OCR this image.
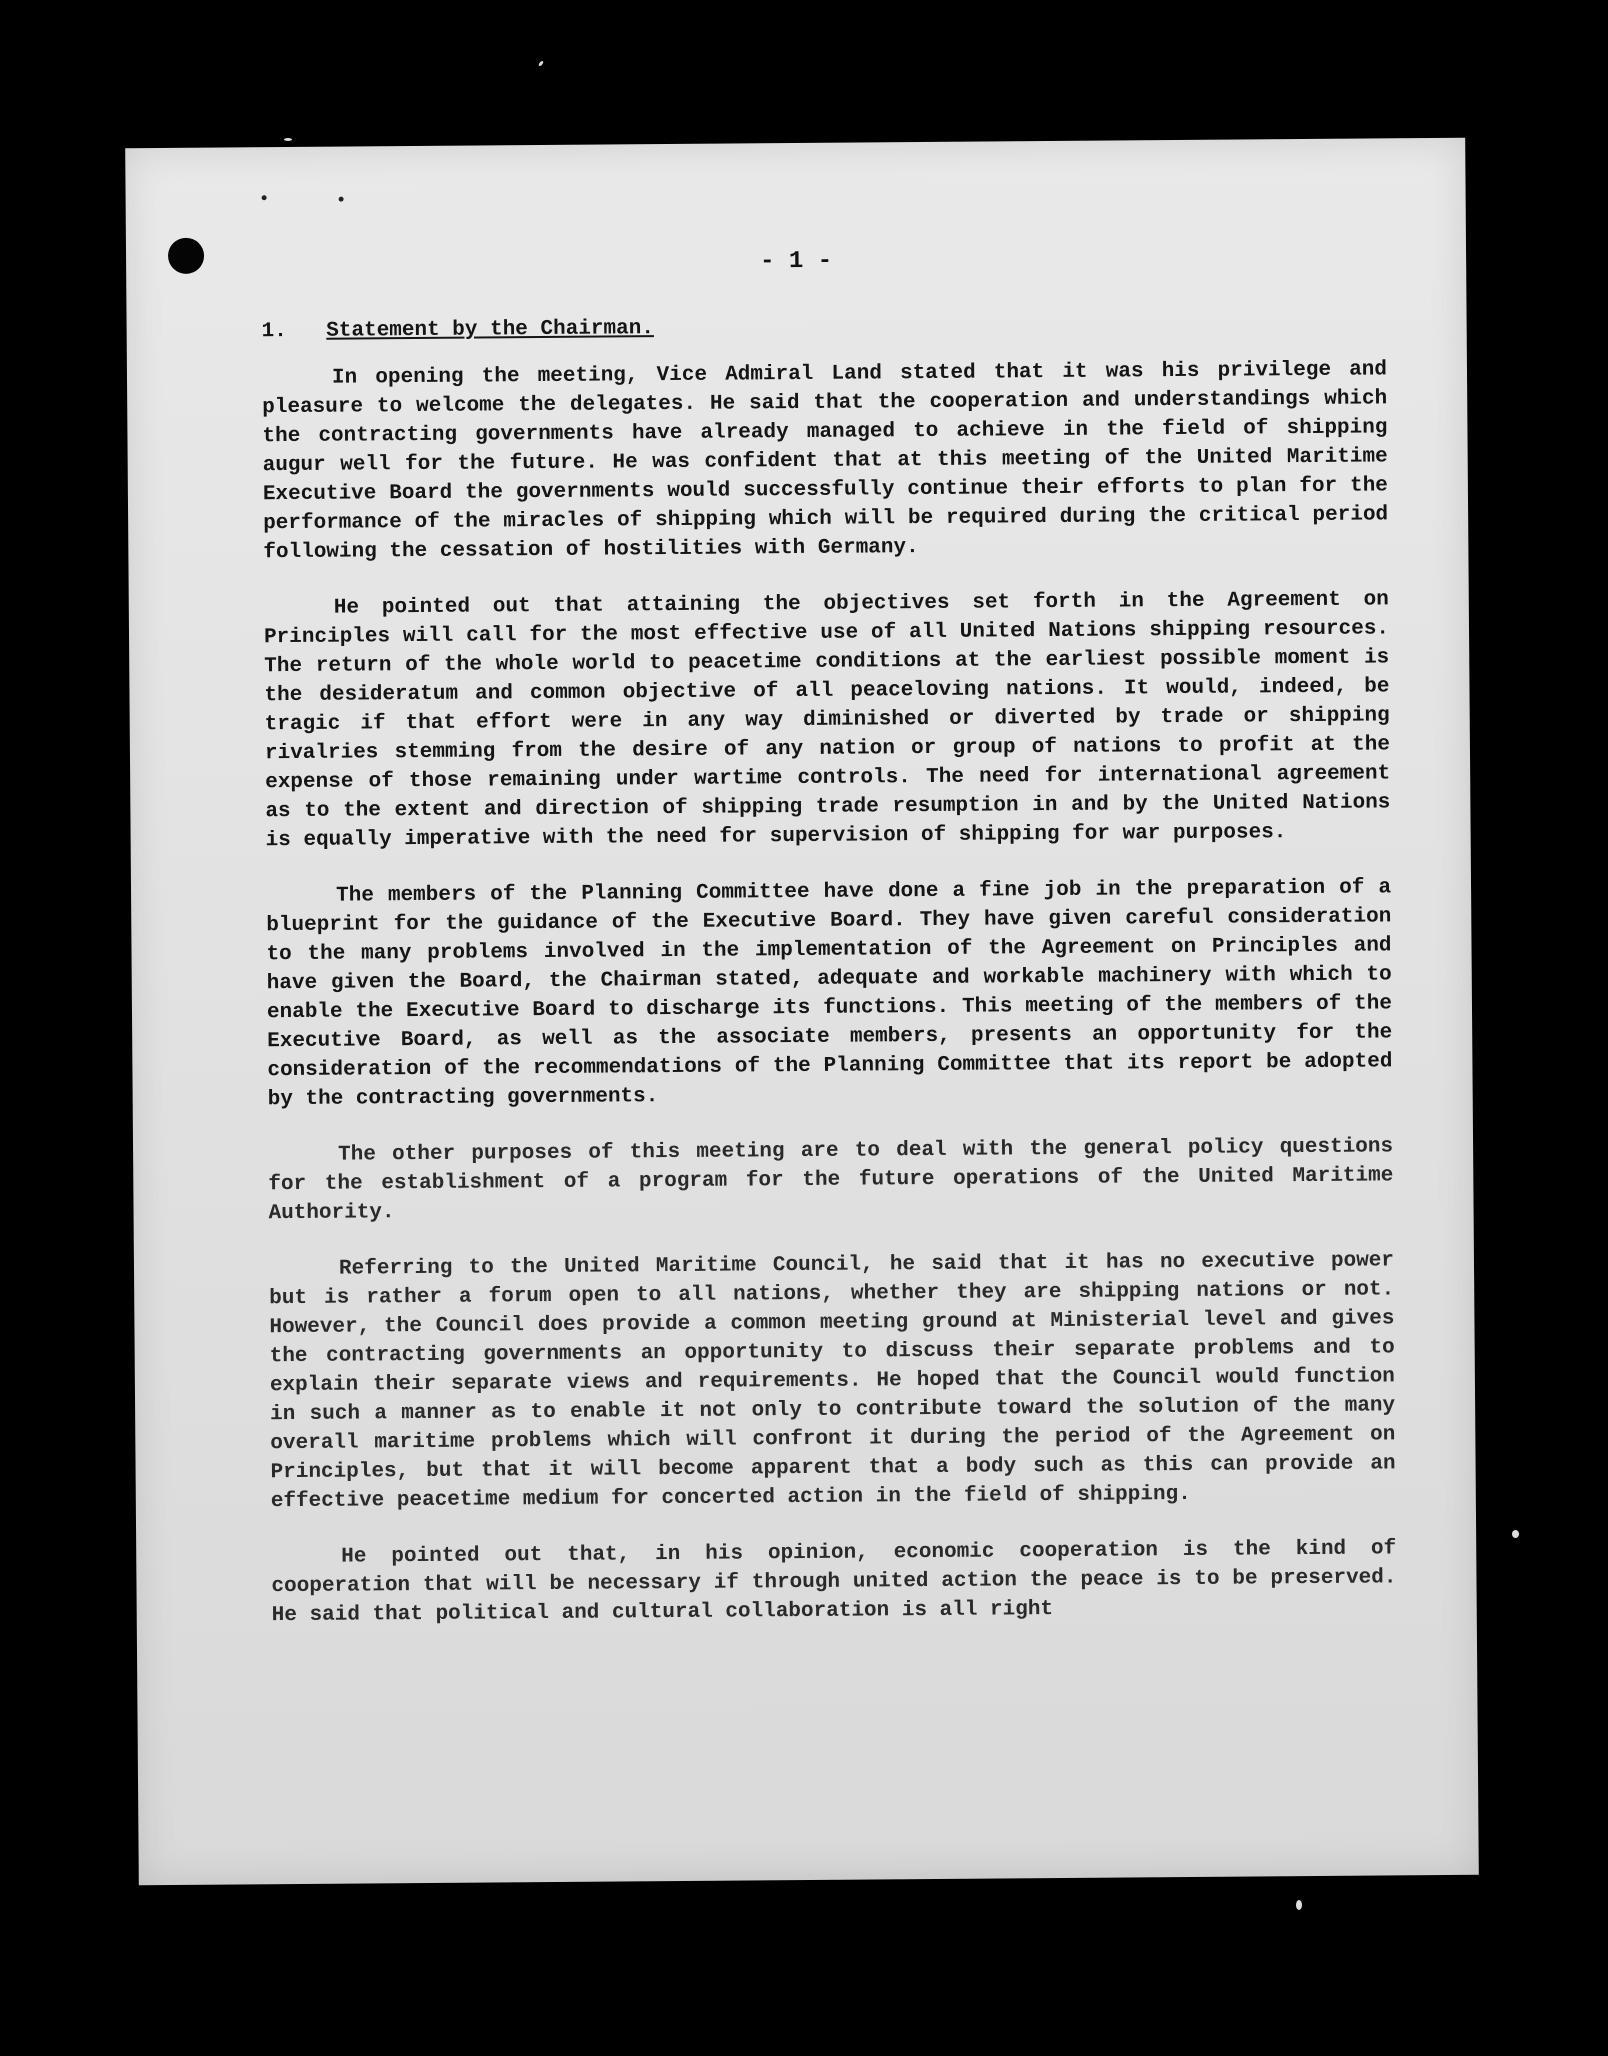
- 1 -
1. Statement by the Chairman.

In opening the meeting, Vice Admiral Land stated that it was his privilege and pleasure to welcome the delegates. He said that the cooperation and understandings which the contracting governments have already managed to achieve in the field of shipping augur well for the future. He was confident that at this meeting of the United Maritime Executive Board the governments would successfully continue their efforts to plan for the performance of the miracles of shipping which will be required during the critical period following the cessation of hostilities with Germany.

He pointed out that attaining the objectives set forth in the Agreement on Principles will call for the most effective use of all United Nations shipping resources. The return of the whole world to peacetime conditions at the earliest possible moment is the desideratum and common objective of all peaceloving nations. It would, indeed, be tragic if that effort were in any way diminished or diverted by trade or shipping rivalries stemming from the desire of any nation or group of nations to profit at the expense of those remaining under wartime controls. The need for international agreement as to the extent and direction of shipping trade resumption in and by the United Nations is equally imperative with the need for supervision of shipping for war purposes.

The members of the Planning Committee have done a fine job in the preparation of a blueprint for the guidance of the Executive Board. They have given careful consideration to the many problems involved in the implementation of the Agreement on Principles and have given the Board, the Chairman stated, adequate and workable machinery with which to enable the Executive Board to discharge its functions. This meeting of the members of the Executive Board, as well as the associate members, presents an opportunity for the consideration of the recommendations of the Planning Committee that its report be adopted by the contracting governments.

The other purposes of this meeting are to deal with the general policy questions for the establishment of a program for the future operations of the United Maritime Authority.

Referring to the United Maritime Council, he said that it has no executive power but is rather a forum open to all nations, whether they are shipping nations or not. However, the Council does provide a common meeting ground at Ministerial level and gives the contracting governments an opportunity to discuss their separate problems and to explain their separate views and requirements. He hoped that the Council would function in such a manner as to enable it not only to contribute toward the solution of the many overall maritime problems which will confront it during the period of the Agreement on Principles, but that it will become apparent that a body such as this can provide an effective peacetime medium for concerted action in the field of shipping.

He pointed out that, in his opinion, economic cooperation is the kind of cooperation that will be necessary if through united action the peace is to be preserved. He said that political and cultural collaboration is all right
